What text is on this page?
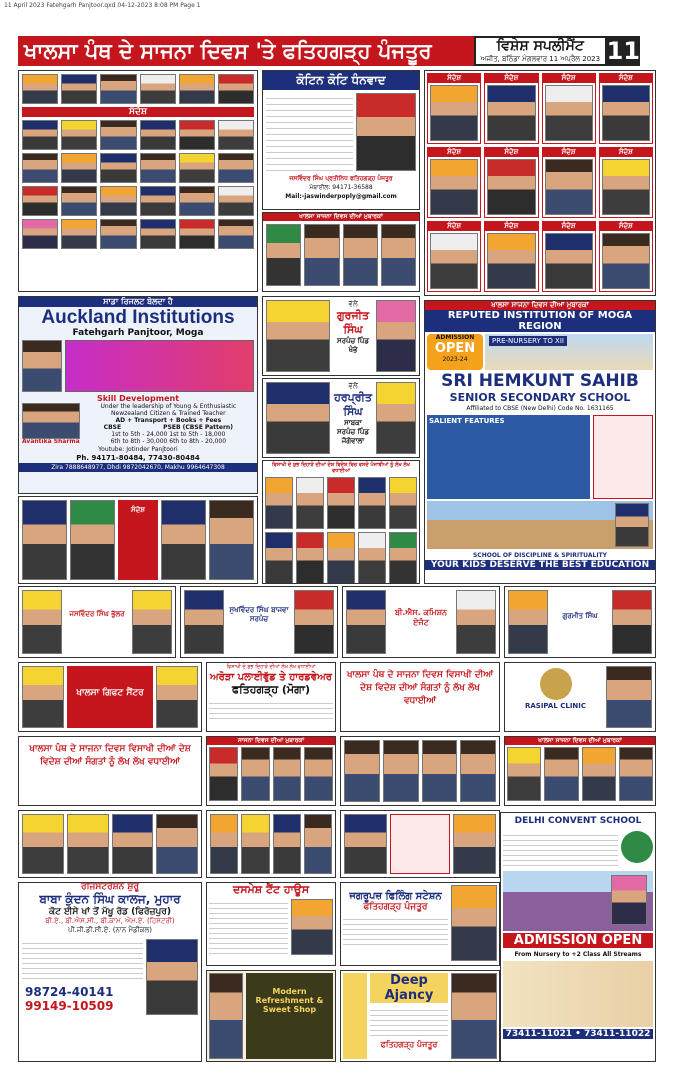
11 April 2023 Fatehgarh Panjtoor.qxd 04-12-2023 8:08 PM Page 1
ਖਾਲਸਾ ਪੰਥ ਦੇ ਸਾਜਨਾ ਦਿਵਸ 'ਤੇ ਫਤਿਹਗੜ੍ਹ ਪੰਜਤੂਰ	ਵਿਸ਼ੇਸ਼ ਸਪਲੀਮੈਂਟ
ਅਜੀਤ, ਬਠਿੰਡਾ ਮੰਗਲਵਾਰ 11 ਅਪ੍ਰੈਲ 2023 11
ਸੰਦੇਸ਼
ਕੋਟਿਨ ਕੋਟਿ ਧੰਨਵਾਦ
ਜਸਵਿੰਦਰ ਸਿੰਘ ਪ੍ਰਤੀਨਿਧ ਫਤਿਹਗੜ੍ਹ ਪੰਜਤੂਰ
ਮੋਬਾਈਲ: 94171-36588
Mail:-jaswinderpoply@gmail.com
ਸੰਦੇਸ਼	ਸੰਦੇਸ਼	ਸੰਦੇਸ਼	ਸੰਦੇਸ਼
ਸੰਦੇਸ਼	ਸੰਦੇਸ਼	ਸੰਦੇਸ਼	ਸੰਦੇਸ਼
ਸੰਦੇਸ਼	ਸੰਦੇਸ਼	ਸੰਦੇਸ਼	ਸੰਦੇਸ਼
ਖਾਲਸਾ ਸਾਜਨਾ ਦਿਵਸ ਦੀਆਂ ਮੁਬਾਰਕਾਂ
ਸਾਡਾ ਰਿਜਲਟ ਬੋਲਦਾ ਹੈ
Auckland Institutions
Fatehgarh Panjtoor, Moga
Skill Development
Avantika Sharma
Under the leadership of Young & Enthusiastic
Newzealand Citizen & Trained Teacher
AD + Transport + Books + Fees
CBSE	PSEB (CBSE Pattern)
1st to 5th - 24,000 1st to 5th - 18,000
6th to 8th - 30,000 6th to 8th - 20,000
Youtube: Jotinder Panjtoori
Ph. 94171-80484, 77430-80484
Zira 7888648977, Dhdi 9872042670, Makhu 9964647308
ਵੱਲੋਂ
ਗੁਰਜੀਤ ਸਿੰਘ
ਸਰਪੰਚ ਪਿੰਡ ਖੰਭੇ
ਵੱਲੋਂ
ਹਰਪ੍ਰੀਤ ਸਿੰਘ
ਸਾਬਕਾ ਸਰਪੰਚ ਪਿੰਡ ਜੋਗੇਵਾਲਾ
ਵਿਸਾਖੀ ਦੇ ਸ਼ੁਭ ਦਿਹਾੜੇ ਦੀਆਂ ਦੇਸ਼ ਵਿਦੇਸ਼ ਵਿਚ ਵਸਦੇ ਪੰਜਾਬੀਆਂ ਨੂੰ ਲੱਖ ਲੱਖ ਵਧਾਈਆਂ
ਸੰਦੇਸ਼
ਖਾਲਸਾ ਸਾਜਨਾ ਦਿਵਸ ਦੀਆਂ ਮੁਬਾਰਕਾਂ
REPUTED INSTITUTION OF MOGA REGION
ADMISSION
OPEN
2023-24
PRE-NURSERY TO XII
SRI HEMKUNT SAHIB
SENIOR SECONDARY SCHOOL
Affiliated to CBSE (New Delhi) Code No. 1631165
SALIENT FEATURES
SCHOOL OF DISCIPLINE & SPIRITUALITY
YOUR KIDS DESERVE THE BEST EDUCATION
ਜਸਵਿੰਦਰ ਸਿੰਘ ਭੁੱਲਰ	ਸੁਖਵਿੰਦਰ ਸਿੰਘ ਬਾਜਵਾ ਸਰਪੰਚ
ਬੀ.ਐਸ. ਕਮਿਸ਼ਨ ਏਜੰਟ
ਗੁਰਮੀਤ ਸਿੰਘ
ਖਾਲਸਾ ਗਿਫਟ ਸੈਂਟਰ
ਵਿਸਾਖੀ ਦੇ ਸ਼ੁਭ ਦਿਹਾੜੇ ਦੀਆਂ ਲੱਖ ਲੱਖ ਵਧਾਈਆਂ
ਅਰੋੜਾ ਪਲਾਈਵੁੱਡ ਤੇ ਹਾਰਡਵੇਅਰ
ਫਤਿਹਗੜ੍ਹ (ਮੋਗਾ)
ਖਾਲਸਾ ਪੰਥ ਦੇ ਸਾਜਨਾ ਦਿਵਸ ਵਿਸਾਖੀ ਦੀਆਂ ਦੇਸ਼ ਵਿਦੇਸ਼ ਦੀਆਂ ਸੰਗਤਾਂ ਨੂੰ ਲੱਖ ਲੱਖ ਵਧਾਈਆਂ	RASIPAL CLINIC
ਖਾਲਸਾ ਪੰਥ ਦੇ ਸਾਜਨਾ ਦਿਵਸ ਵਿਸਾਖੀ ਦੀਆਂ ਦੇਸ਼ ਵਿਦੇਸ਼ ਦੀਆਂ ਸੰਗਤਾਂ ਨੂੰ ਲੱਖ ਲੱਖ ਵਧਾਈਆਂ
ਸਾਜਨਾ ਦਿਵਸ ਦੀਆਂ ਮੁਬਾਰਕਾਂ	ਖਾਲਸਾ ਸਾਜਨਾ ਦਿਵਸ ਦੀਆਂ ਮੁਬਾਰਕਾਂ
DELHI CONVENT SCHOOL
ADMISSION OPEN
From Nursery to +2 Class All Streams
73411-11021 • 73411-11022
ਰਜਿਸਟਰੇਸ਼ਨ ਸ਼ੁਰੂ
ਬਾਬਾ ਕੁੰਦਨ ਸਿੰਘ ਕਾਲਜ, ਮੁਹਾਰ
ਕੋਟ ਈਸੇ ਖਾਂ ਤੋਂ ਮੱਖੂ ਰੋਡ (ਫਿਰੋਜ਼ਪੁਰ)
ਬੀ.ਏ., ਬੀ.ਐਸ.ਸੀ., ਬੀ.ਕਾਮ, ਐਮ.ਏ. (ਹਿਸਟਰੀ)
ਪੀ.ਜੀ.ਡੀ.ਸੀ.ਏ. (ਨਾਨ ਮੈਡੀਕਲ)
98724-40141
99149-10509
ਦਸਮੇਸ਼ ਟੈਂਟ ਹਾਊਸ
Modern Refreshment & Sweet Shop
ਜਗਰੂਪਜ਼ ਫਿਲਿੰਗ ਸਟੇਸ਼ਨ
ਫਤਿਹਗੜ੍ਹ ਪੰਜਤੂਰ
Deep Ajancy
ਫਤਿਹਗੜ੍ਹ ਪੰਜਤੂਰ
